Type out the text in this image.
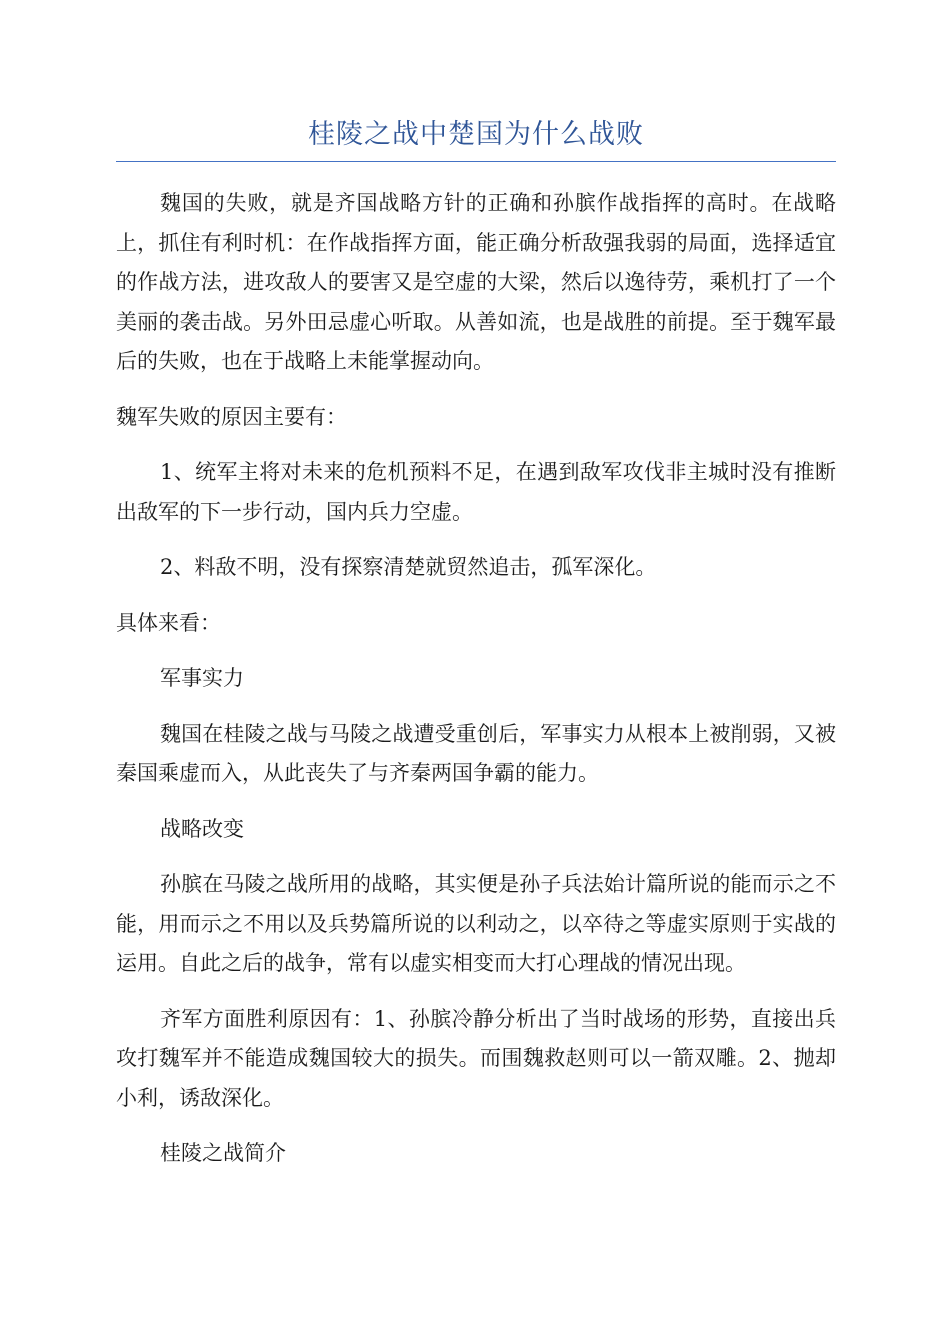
桂陵之战中楚国为什么战败

魏国的失败，就是齐国战略方针的正确和孙膑作战指挥的高时。在战略上，抓住有利时机：在作战指挥方面，能正确分析敌强我弱的局面，选择适宜的作战方法，进攻敌人的要害又是空虚的大梁，然后以逸待劳，乘机打了一个美丽的袭击战。另外田忌虚心听取。从善如流，也是战胜的前提。至于魏军最后的失败，也在于战略上未能掌握动向。

魏军失败的原因主要有：

1、统军主将对未来的危机预料不足，在遇到敌军攻伐非主城时没有推断出敌军的下一步行动，国内兵力空虚。

2、料敌不明，没有探察清楚就贸然追击，孤军深化。

具体来看：

军事实力

魏国在桂陵之战与马陵之战遭受重创后，军事实力从根本上被削弱，又被秦国乘虚而入，从此丧失了与齐秦两国争霸的能力。

战略改变

孙膑在马陵之战所用的战略，其实便是孙子兵法始计篇所说的能而示之不能，用而示之不用以及兵势篇所说的以利动之，以卒待之等虚实原则于实战的运用。自此之后的战争，常有以虚实相变而大打心理战的情况出现。

齐军方面胜利原因有：1、孙膑冷静分析出了当时战场的形势，直接出兵攻打魏军并不能造成魏国较大的损失。而围魏救赵则可以一箭双雕。2、抛却小利，诱敌深化。

桂陵之战简介
